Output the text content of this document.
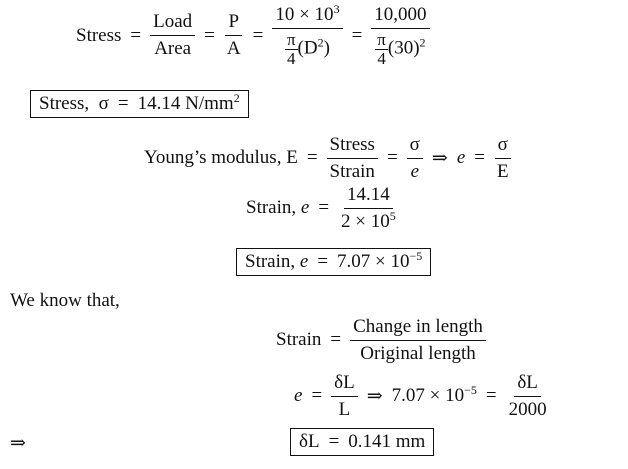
Stress = $\frac{\text{Load}}{\text{Area}} = \frac{P}{A} = \frac{10 \times 10^3}{\frac{\pi}{4} (D^2)} = \frac{10,000}{\frac{\pi}{4} (30)^2}$
Stress, σ = 14.14 $N/mm^2$
Young’s modulus,
$E = \frac{\text{Stress}}{\text{Strain}} = \frac{\sigma}{e}$ ⇒ $e = \frac{\sigma}{E}$
Strain,
$e = \frac{14.14}{2 \times 10^5}$
Strain, $e = 7.07 \times 10^{-5}$
We know that,
Strain = $\frac{\text{Change in length}}{\text{Original length}}$
$e = \frac{\delta L}{L}$ ⇒ $7.07 \times 10^{-5} = \frac{\delta L}{2000}$
⇒	δL = 0.141 mm
